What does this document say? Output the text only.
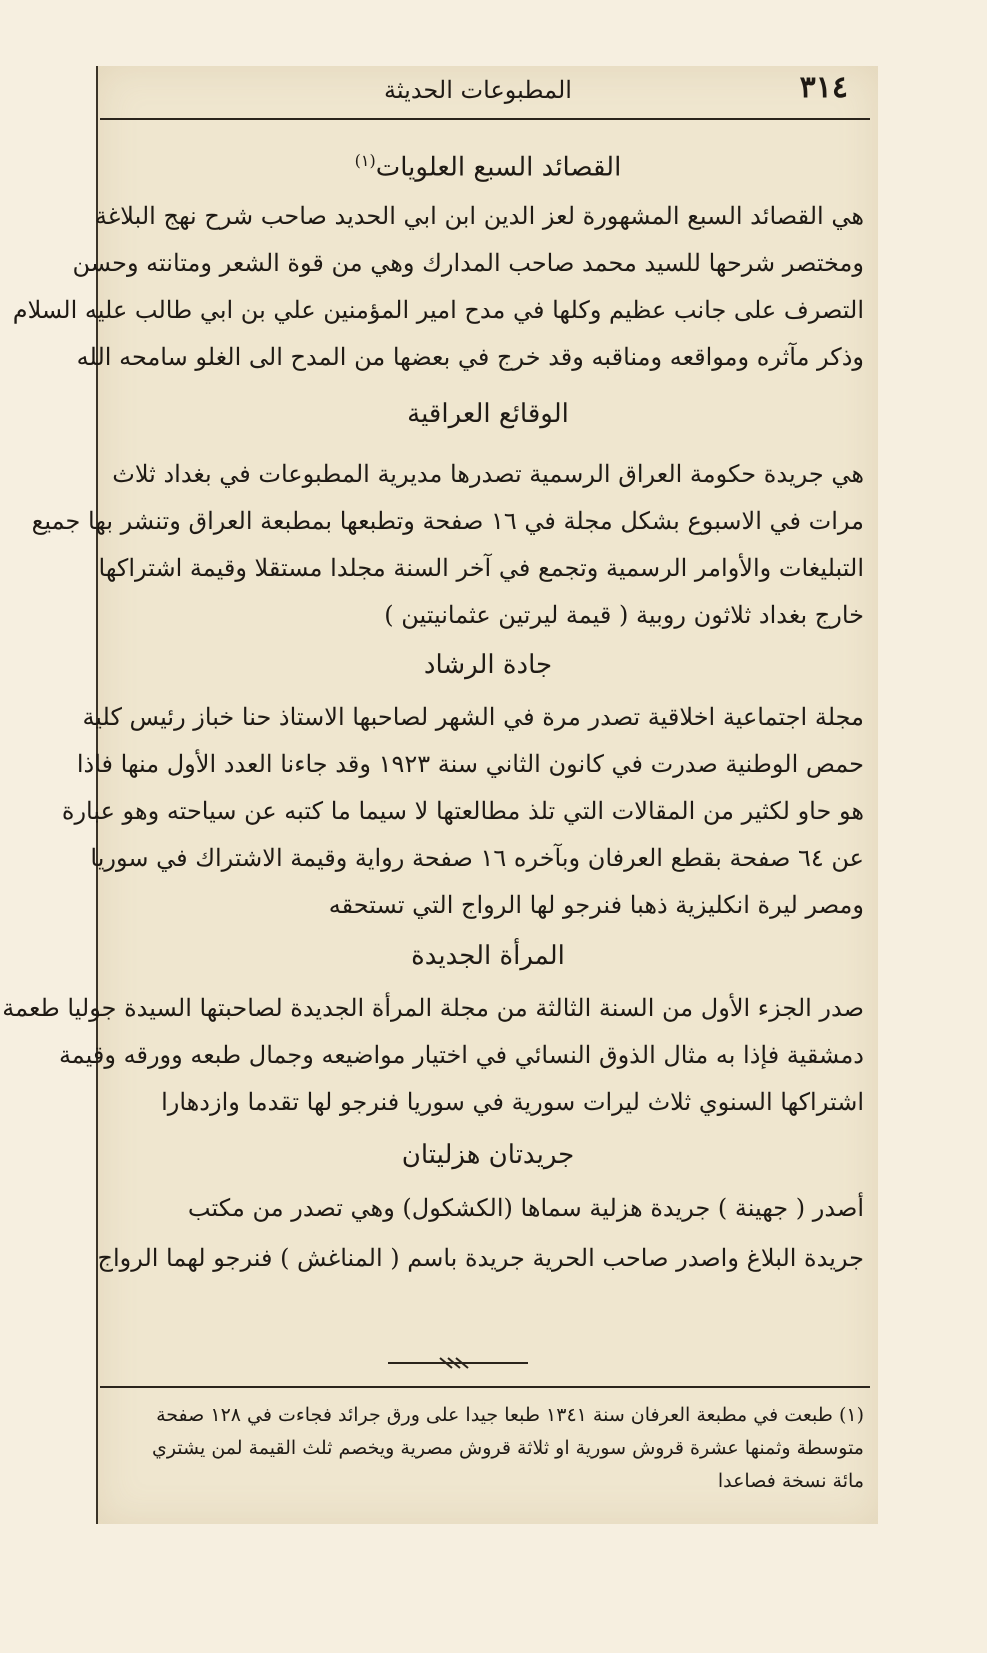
٣١٤
المطبوعات الحديثة
القصائد السبع العلويات$^{(١)}$
هي القصائد السبع المشهورة لعز الدين ابن ابي الحديد صاحب شرح نهج البلاغة
ومختصر شرحها للسيد محمد صاحب المدارك وهي من قوة الشعر ومتانته وحسن
التصرف على جانب عظيم وكلها في مدح امير المؤمنين علي بن ابي طالب عليه السلام
وذكر مآثره ومواقعه ومناقبه وقد خرج في بعضها من المدح الى الغلو سامحه الله
الوقائع العراقية
هي جريدة حكومة العراق الرسمية تصدرها مديرية المطبوعات في بغداد ثلاث
مرات في الاسبوع بشكل مجلة في ١٦ صفحة وتطبعها بمطبعة العراق وتنشر بها جميع
التبليغات والأوامر الرسمية وتجمع في آخر السنة مجلدا مستقلا وقيمة اشتراكها
خارج بغداد ثلاثون روبية ( قيمة ليرتين عثمانيتين )
جادة الرشاد
مجلة اجتماعية اخلاقية تصدر مرة في الشهر لصاحبها الاستاذ حنا خباز رئيس كلية
حمص الوطنية صدرت في كانون الثاني سنة ١٩٢٣ وقد جاءنا العدد الأول منها فاذا
هو حاو لكثير من المقالات التي تلذ مطالعتها لا سيما ما كتبه عن سياحته وهو عبارة
عن ٦٤ صفحة بقطع العرفان وبآخره ١٦ صفحة رواية وقيمة الاشتراك في سوريا
ومصر ليرة انكليزية ذهبا فنرجو لها الرواج التي تستحقه
المرأة الجديدة
صدر الجزء الأول من السنة الثالثة من مجلة المرأة الجديدة لصاحبتها السيدة جوليا طعمة
دمشقية فإذا به مثال الذوق النسائي في اختيار مواضيعه وجمال طبعه وورقه وقيمة
اشتراكها السنوي ثلاث ليرات سورية في سوريا فنرجو لها تقدما وازدهارا
جريدتان هزليتان
أصدر ( جهينة ) جريدة هزلية سماها (الكشكول) وهي تصدر من مكتب
جريدة البلاغ واصدر صاحب الحرية جريدة باسم ( المناغش ) فنرجو لهما الرواج
(١) طبعت في مطبعة العرفان سنة ١٣٤١ طبعا جيدا على ورق جرائد فجاءت في ١٢٨ صفحة
متوسطة وثمنها عشرة قروش سورية او ثلاثة قروش مصرية ويخصم ثلث القيمة لمن يشتري
مائة نسخة فصاعدا
